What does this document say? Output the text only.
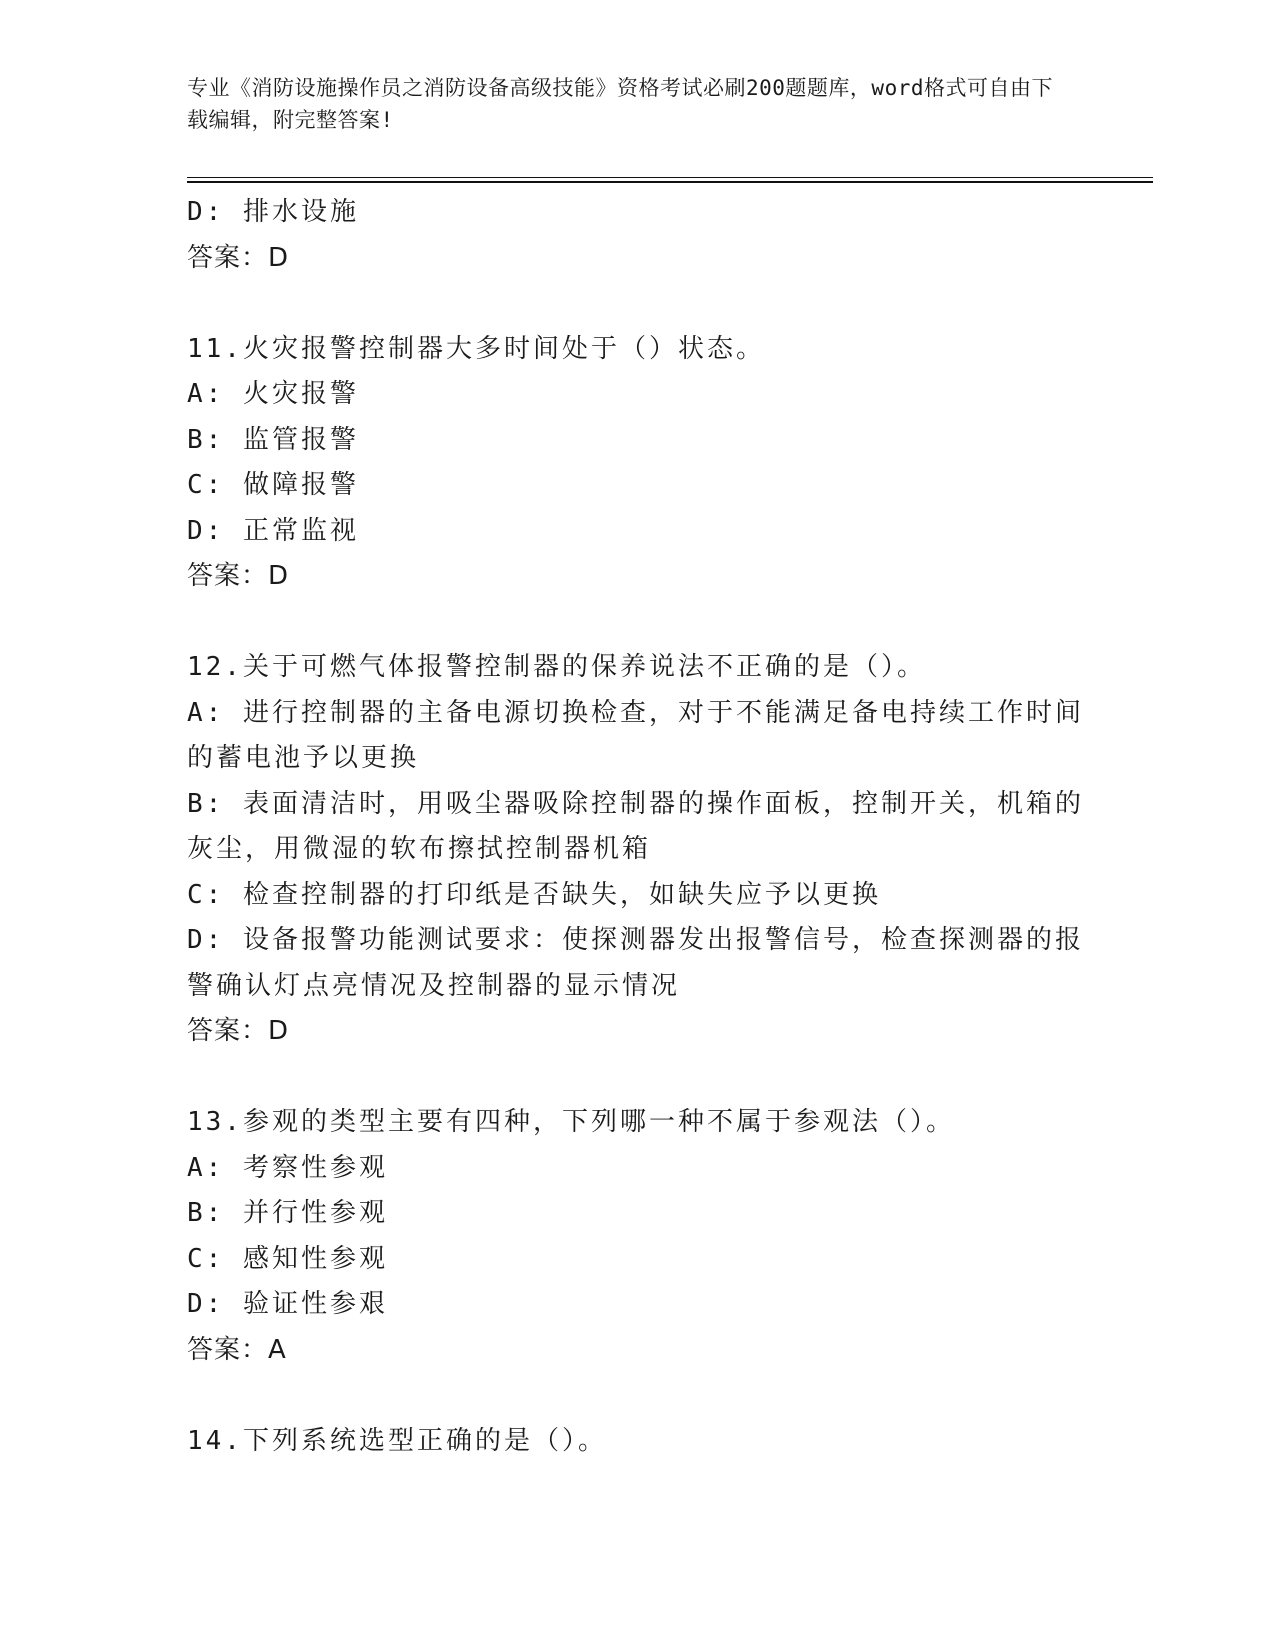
专业《消防设施操作员之消防设备高级技能》资格考试必刷200题题库，word格式可自由下载编辑，附完整答案!
D: 排水设施
答案：D
11.火灾报警控制器大多时间处于（）状态。
A: 火灾报警
B: 监管报警
C: 做障报警
D: 正常监视
答案：D
12.关于可燃气体报警控制器的保养说法不正确的是（）。
A: 进行控制器的主备电源切换检查，对于不能满足备电持续工作时间的蓄电池予以更换
B: 表面清洁时，用吸尘器吸除控制器的操作面板，控制开关，机箱的灰尘，用微湿的软布擦拭控制器机箱
C: 检查控制器的打印纸是否缺失，如缺失应予以更换
D: 设备报警功能测试要求：使探测器发出报警信号，检查探测器的报警确认灯点亮情况及控制器的显示情况
答案：D
13.参观的类型主要有四种，下列哪一种不属于参观法（）。
A: 考察性参观
B: 并行性参观
C: 感知性参观
D: 验证性参艰
答案：A
14.下列系统选型正确的是（）。
